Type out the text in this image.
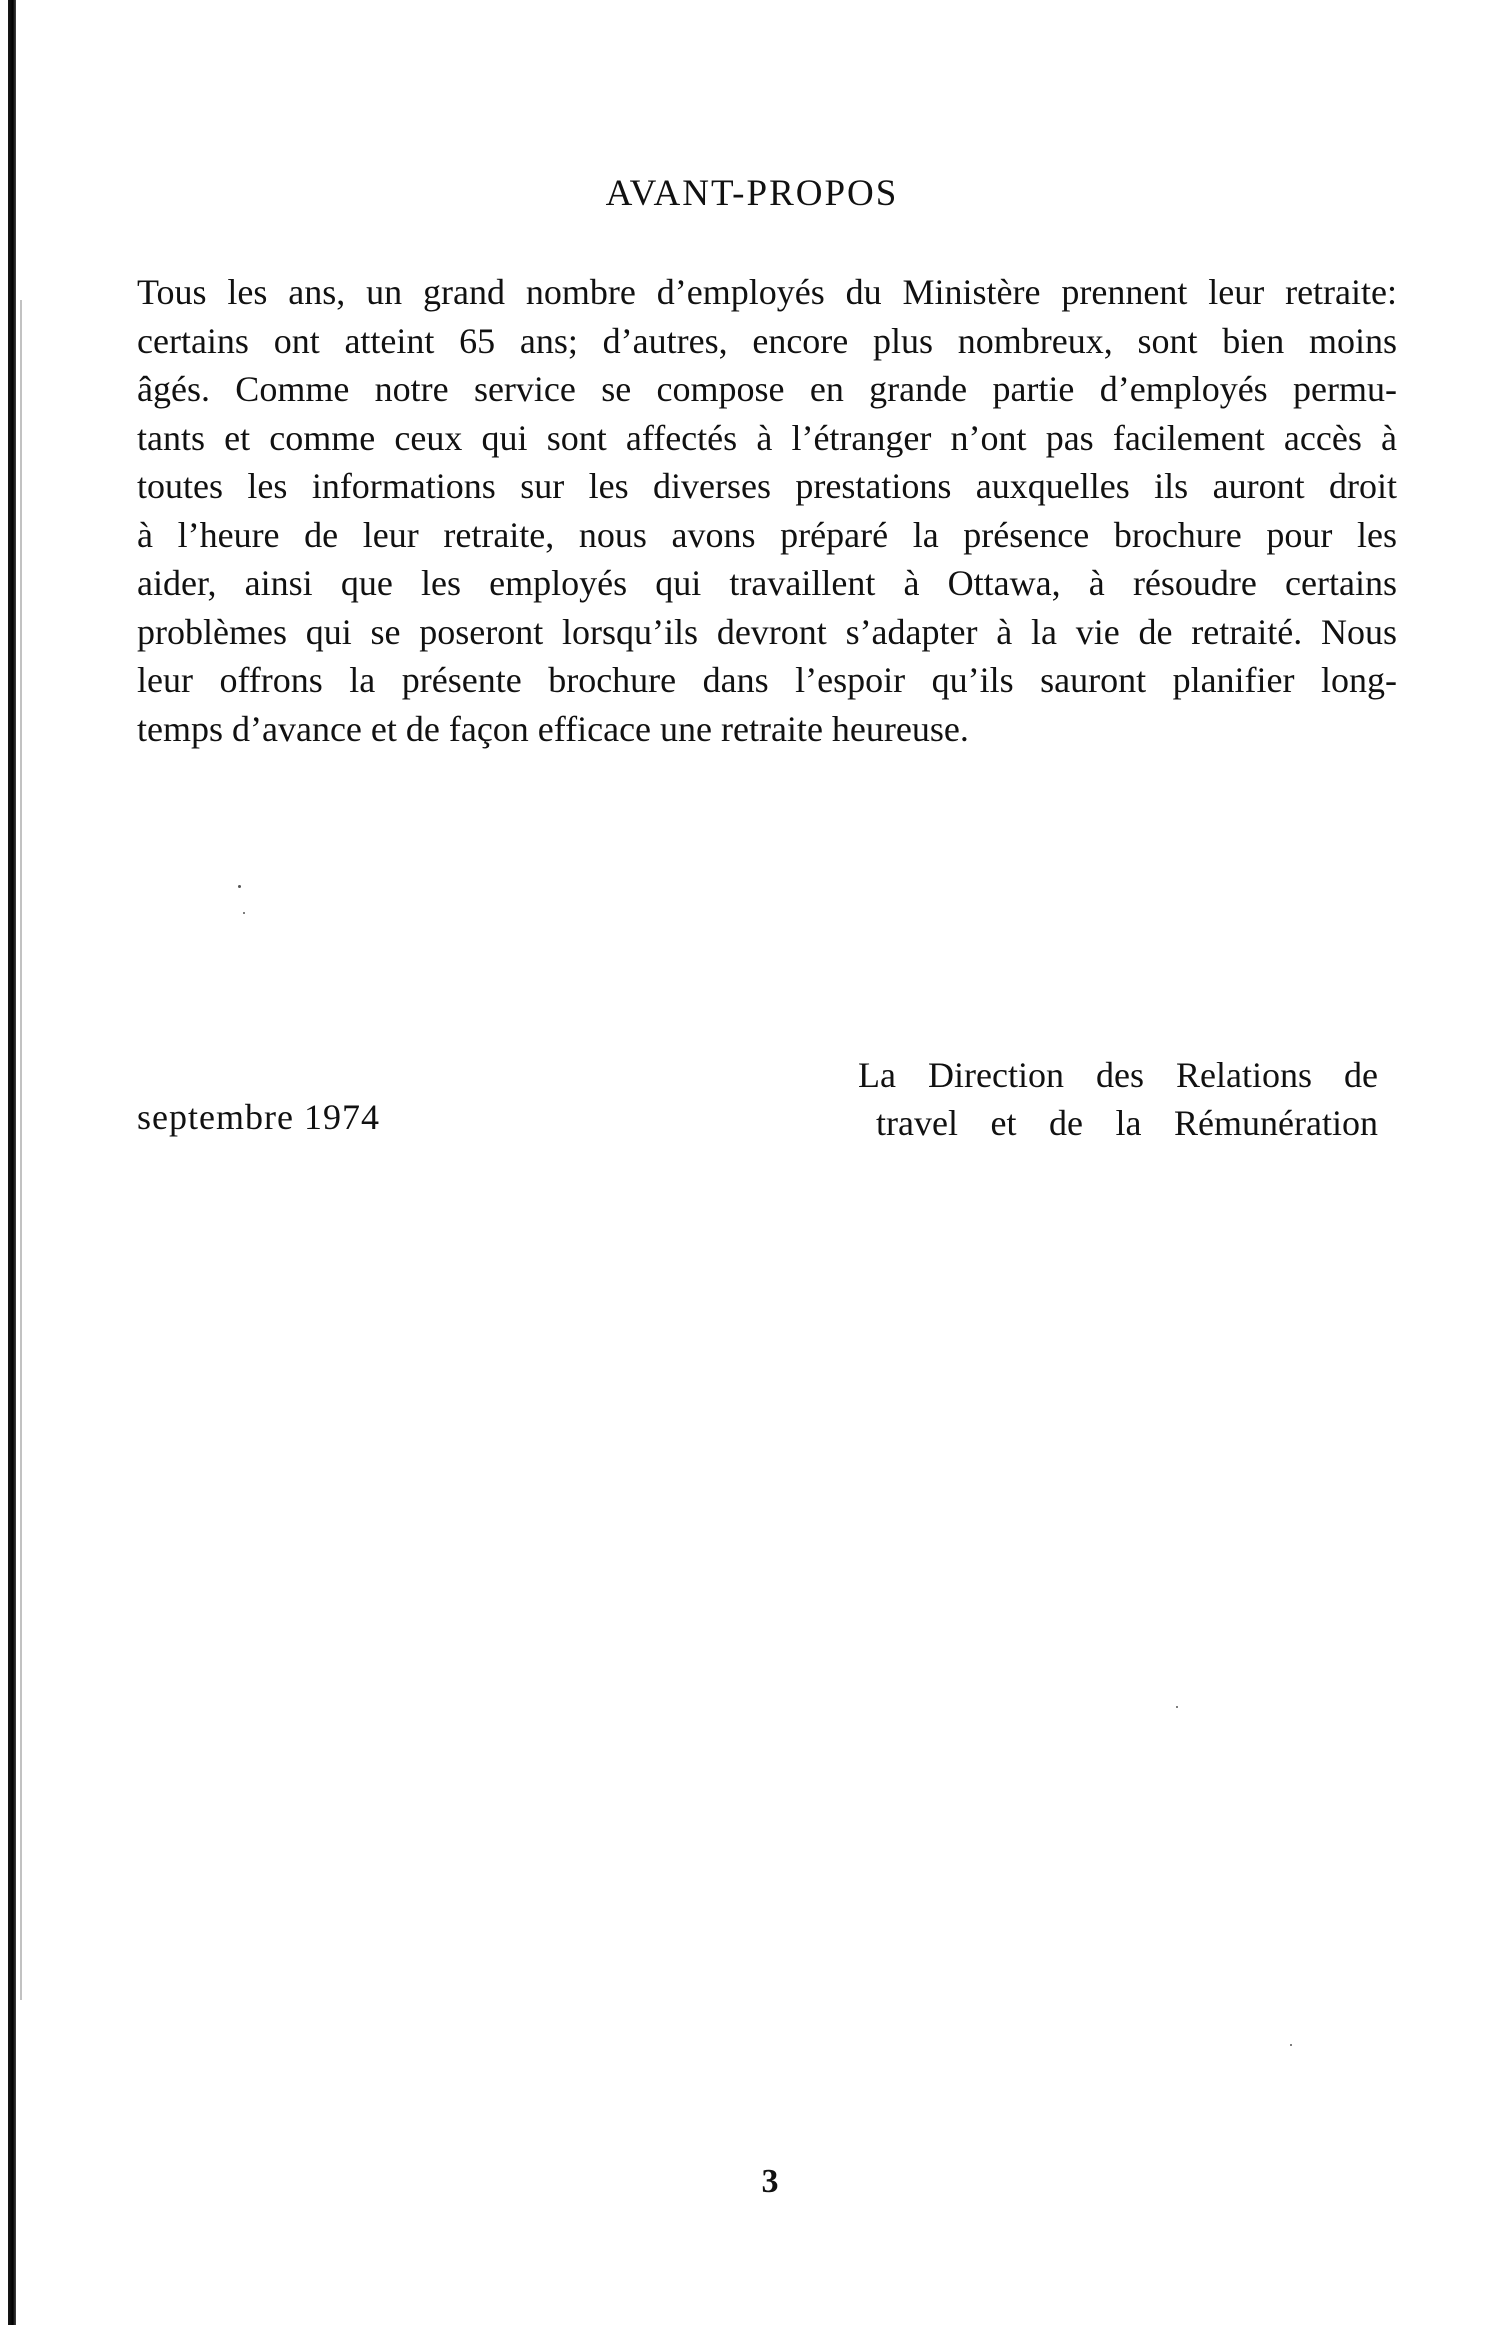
AVANT-PROPOS

Tous les ans, un grand nombre d’employés du Ministère prennent leur retraite:
certains ont atteint 65 ans; d’autres, encore plus nombreux, sont bien moins
âgés. Comme notre service se compose en grande partie d’employés permu-
tants et comme ceux qui sont affectés à l’étranger n’ont pas facilement accès à
toutes les informations sur les diverses prestations auxquelles ils auront droit
à l’heure de leur retraite, nous avons préparé la présence brochure pour les
aider, ainsi que les employés qui travaillent à Ottawa, à résoudre certains
problèmes qui se poseront lorsqu’ils devront s’adapter à la vie de retraité. Nous
leur offrons la présente brochure dans l’espoir qu’ils sauront planifier long-
temps d’avance et de façon efficace une retraite heureuse.

septembre 1974
La Direction des Relations de
travel et de la Rémunération
3
